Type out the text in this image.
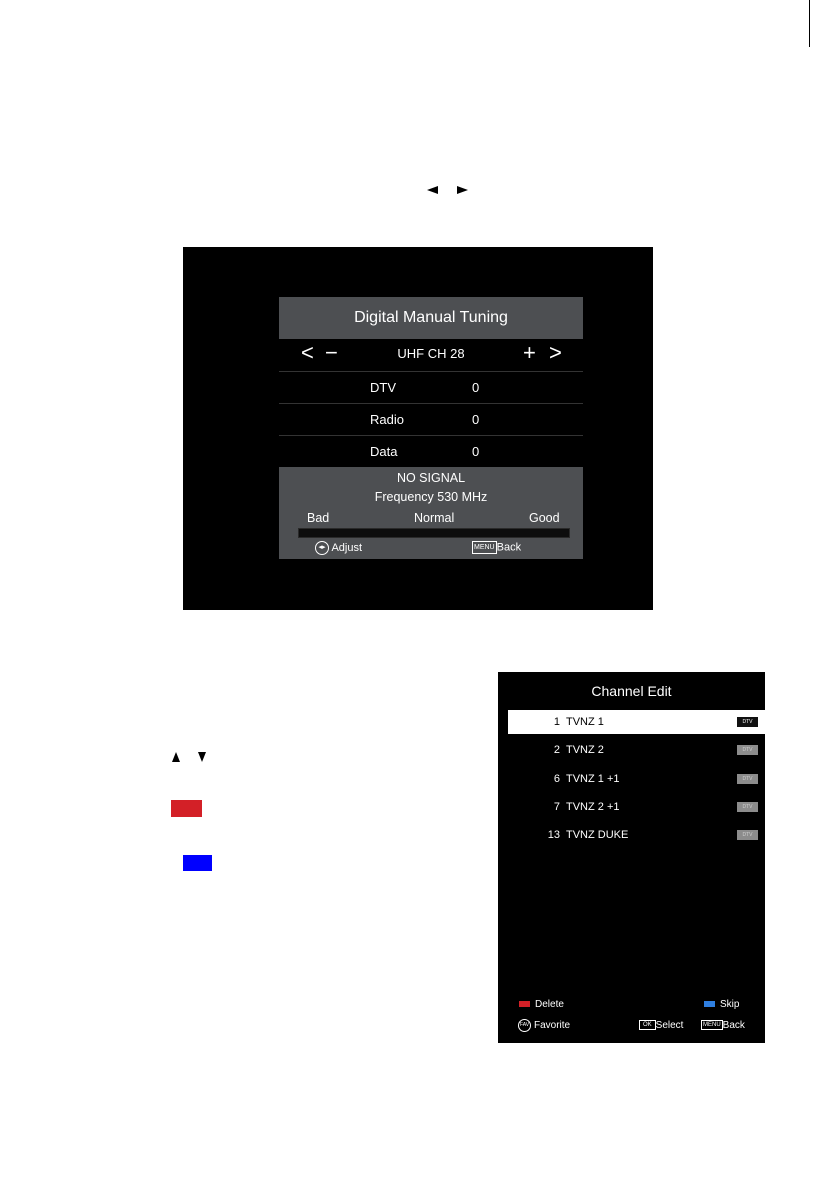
Digital Manual Tuning
< −	UHF CH 28	+ >
DTV	0
Radio	0
Data	0
NO SIGNAL
Frequency 530 MHz
Bad	Normal	Good
◂▸ Adjust	MENU Back
Channel Edit
1 TVNZ 1	DTV
2 TVNZ 2	DTV
6 TVNZ 1 +1	DTV
7 TVNZ 2 +1	DTV
13 TVNZ DUKE	DTV
Delete	Skip
FAV Favorite	OK Select	MENU Back
